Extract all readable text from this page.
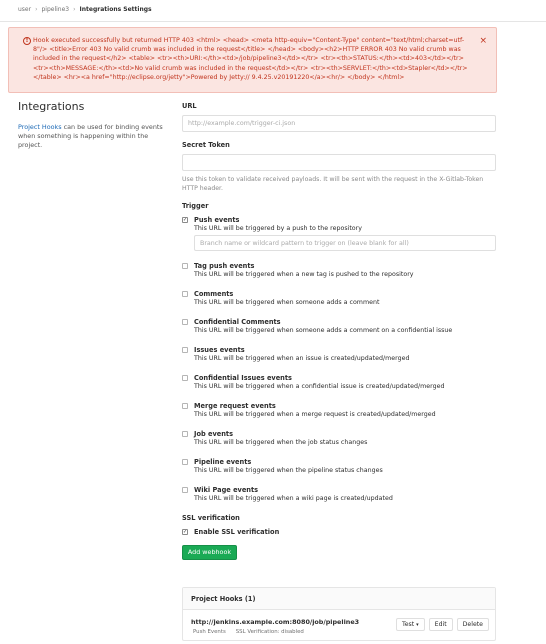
user › pipeline3 › Integrations Settings
! Hook executed successfully but returned HTTP 403 <html> <head> <meta http-equiv="Content-Type" content="text/html;charset=utf-8"/> <title>Error 403 No valid crumb was included in the request</title> </head> <body><h2>HTTP ERROR 403 No valid crumb was included in the request</h2> <table> <tr><th>URI:</th><td>/job/pipeline3</td></tr> <tr><th>STATUS:</th><td>403</td></tr> <tr><th>MESSAGE:</th><td>No valid crumb was included in the request</td></tr> <tr><th>SERVLET:</th><td>Stapler</td></tr> </table> <hr><a href="http://eclipse.org/jetty">Powered by Jetty:// 9.4.25.v20191220</a><hr/> </body> </html>
×
Integrations

Project Hooks can be used for binding events when something is happening within the project.

URL
http://example.com/trigger-ci.json
Secret Token
Use this token to validate received payloads. It will be sent with the request in the X-Gitlab-Token HTTP header.
Trigger
✓ Push events
This URL will be triggered by a push to the repository
Branch name or wildcard pattern to trigger on (leave blank for all)
Tag push events
This URL will be triggered when a new tag is pushed to the repository
Comments
This URL will be triggered when someone adds a comment
Confidential Comments
This URL will be triggered when someone adds a comment on a confidential issue
Issues events
This URL will be triggered when an issue is created/updated/merged
Confidential Issues events
This URL will be triggered when a confidential issue is created/updated/merged
Merge request events
This URL will be triggered when a merge request is created/updated/merged
Job events
This URL will be triggered when the job status changes
Pipeline events
This URL will be triggered when the pipeline status changes
Wiki Page events
This URL will be triggered when a wiki page is created/updated
SSL verification
✓ Enable SSL verification
Add webhook
Project Hooks (1)
http://jenkins.example.com:8080/job/pipeline3
Push Events SSL Verification: disabled
Test ▾	Edit	Delete
